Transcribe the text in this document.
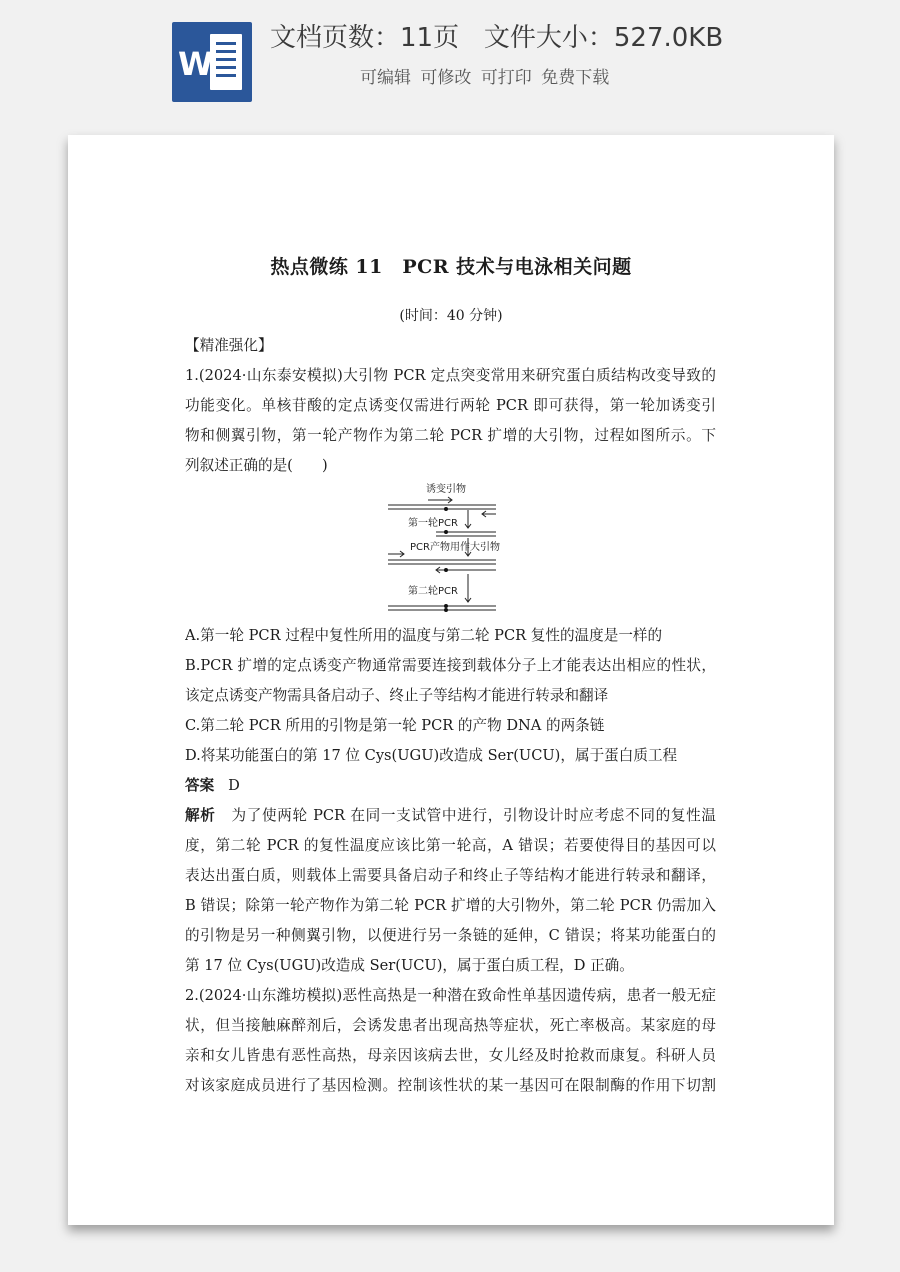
W
文档页数：11页   文件大小：527.0KB
可编辑 可修改 可打印 免费下载
热点微练 11　PCR 技术与电泳相关问题
(时间：40 分钟)
【精准强化】
1.(2024·山东泰安模拟)大引物 PCR 定点突变常用来研究蛋白质结构改变导致的
功能变化。单核苷酸的定点诱变仅需进行两轮 PCR 即可获得，第一轮加诱变引
物和侧翼引物，第一轮产物作为第二轮 PCR 扩增的大引物，过程如图所示。下
列叙述正确的是(　　)
诱变引物
第一轮PCR
PCR产物用作大引物
第二轮PCR
A.第一轮 PCR 过程中复性所用的温度与第二轮 PCR 复性的温度是一样的
B.PCR 扩增的定点诱变产物通常需要连接到载体分子上才能表达出相应的性状，
该定点诱变产物需具备启动子、终止子等结构才能进行转录和翻译
C.第二轮 PCR 所用的引物是第一轮 PCR 的产物 DNA 的两条链
D.将某功能蛋白的第 17 位 Cys(UGU)改造成 Ser(UCU)，属于蛋白质工程
答案 D
解析 为了使两轮 PCR 在同一支试管中进行，引物设计时应考虑不同的复性温
度，第二轮 PCR 的复性温度应该比第一轮高，A 错误；若要使得目的基因可以
表达出蛋白质，则载体上需要具备启动子和终止子等结构才能进行转录和翻译，
B 错误；除第一轮产物作为第二轮 PCR 扩增的大引物外，第二轮 PCR 仍需加入
的引物是另一种侧翼引物，以便进行另一条链的延伸，C 错误；将某功能蛋白的
第 17 位 Cys(UGU)改造成 Ser(UCU)，属于蛋白质工程，D 正确。
2.(2024·山东潍坊模拟)恶性高热是一种潜在致命性单基因遗传病，患者一般无症
状，但当接触麻醉剂后，会诱发患者出现高热等症状，死亡率极高。某家庭的母
亲和女儿皆患有恶性高热，母亲因该病去世，女儿经及时抢救而康复。科研人员
对该家庭成员进行了基因检测。控制该性状的某一基因可在限制酶的作用下切割
